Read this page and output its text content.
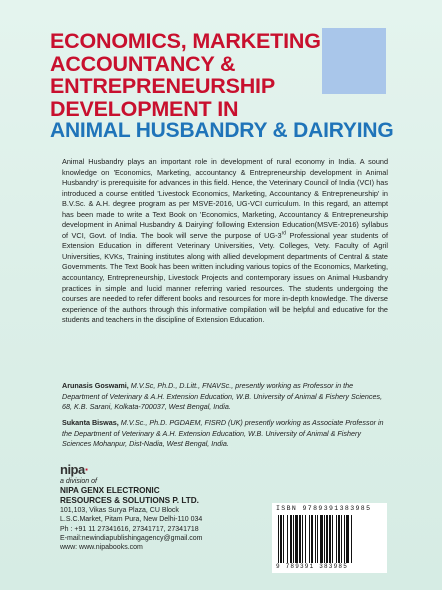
ECONOMICS, MARKETING
ACCOUNTANCY &
ENTREPRENEURSHIP
DEVELOPMENT IN
ANIMAL HUSBANDRY & DAIRYING
Animal Husbandry plays an important role in development of rural economy in India. A sound knowledge on 'Economics, Marketing, accountancy & Entrepreneurship development in Animal Husbandry' is prerequisite for advances in this field. Hence, the Veterinary Council of India (VCI) has introduced a course entitled 'Livestock Economics, Marketing, Accountancy & Entrepreneurship' in B.V.Sc. & A.H. degree program as per MSVE-2016, UG-VCI curriculum. In this regard, an attempt has been made to write a Text Book on 'Economics, Marketing, Accountancy & Entrepreneurship development in Animal Husbandry & Dairying' following Extension Education(MSVE-2016) syllabus of VCI, Govt. of India. The book will serve the purpose of UG-3rd Professional year students of Extension Education in different Veterinary Universities, Vety. Colleges, Vety. Faculty of Agril Universities, KVKs, Training institutes along with allied development departments of Central & state Governments. The Text Book has been written including various topics of the Economics, Marketing, accountancy, Entrepreneurship, Livestock Projects and contemporary issues on Animal Husbandry practices in simple and lucid manner referring varied resources. The students undergoing the courses are needed to refer different books and resources for more in-depth knowledge. The diverse experience of the authors through this informative compilation will be helpful and educative for the students and teachers in the discipline of Extension Education.
Arunasis Goswami, M.V.Sc, Ph.D., D.Litt., FNAVSc., presently working as Professor in the Department of Veterinary & A.H. Extension Education, W.B. University of Animal & Fishery Sciences, 68, K.B. Sarani, Kolkata-700037, West Bengal, India.
Sukanta Biswas, M.V.Sc., Ph.D. PGDAEM, FISRD (UK) presently working as Associate Professor in the Department of Veterinary & A.H. Extension Education, W.B. University of Animal & Fishery Sciences Mohanpur, Dist-Nadia, West Bengal, India.
nipa·
a division of
NIPA GENX ELECTRONIC
RESOURCES & SOLUTIONS P. LTD.
101,103, Vikas Surya Plaza, CU Block
L.S.C.Market, Pitam Pura, New Delhi-110 034
Ph : +91 11 27341616, 27341717, 27341718
E-mail:newindiapublishingagency@gmail.com
www: www.nipabooks.com
ISBN 9789391383985
9 789391 383985
